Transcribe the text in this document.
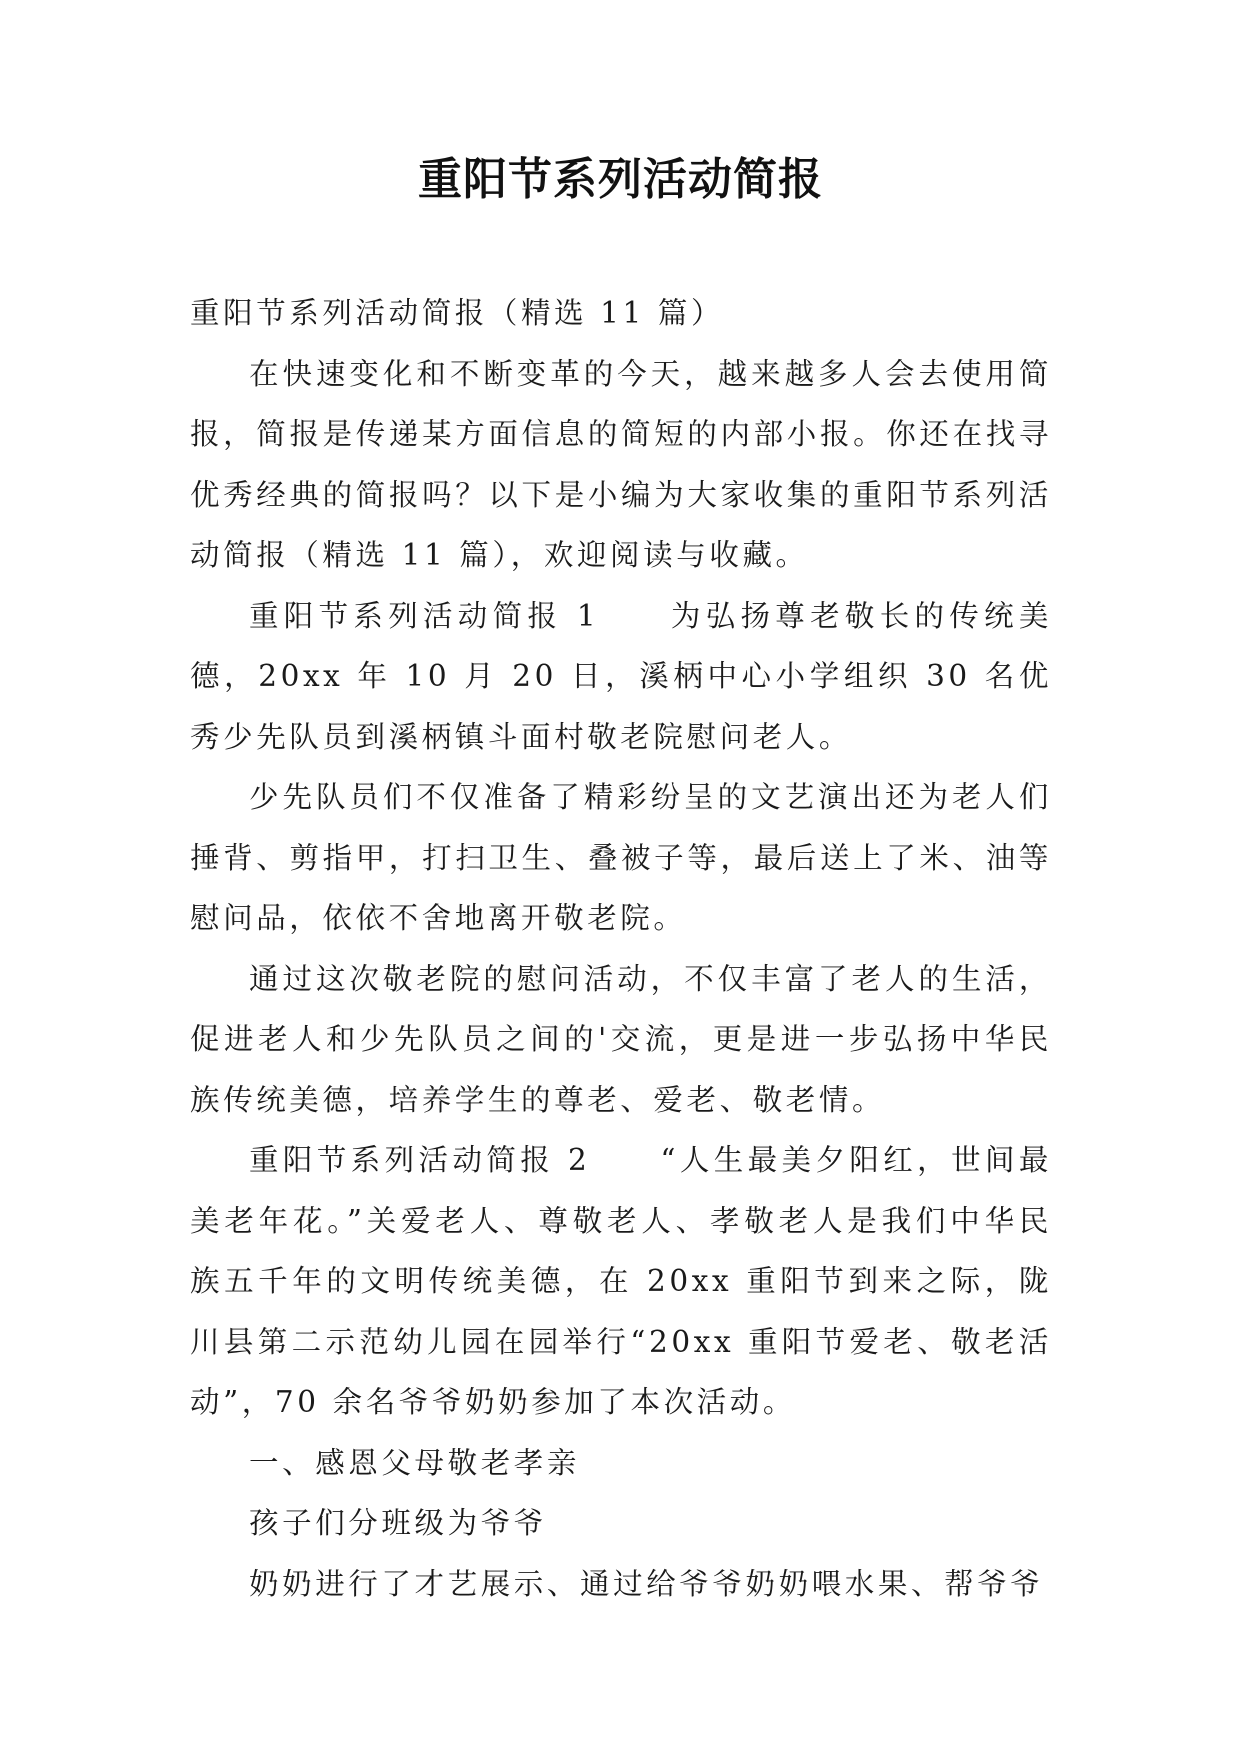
重阳节系列活动简报

重阳节系列活动简报（精选 11 篇）

在快速变化和不断变革的今天，越来越多人会去使用简报，简报是传递某方面信息的简短的内部小报。你还在找寻优秀经典的简报吗？以下是小编为大家收集的重阳节系列活动简报（精选 11 篇），欢迎阅读与收藏。

重阳节系列活动简报 1 为弘扬尊老敬长的传统美德，20xx 年 10 月 20 日，溪柄中心小学组织 30 名优秀少先队员到溪柄镇斗面村敬老院慰问老人。

少先队员们不仅准备了精彩纷呈的文艺演出还为老人们捶背、剪指甲，打扫卫生、叠被子等，最后送上了米、油等慰问品，依依不舍地离开敬老院。

通过这次敬老院的慰问活动，不仅丰富了老人的生活，促进老人和少先队员之间的'交流，更是进一步弘扬中华民族传统美德，培养学生的尊老、爱老、敬老情。

重阳节系列活动简报 2 “人生最美夕阳红，世间最美老年花。”关爱老人、尊敬老人、孝敬老人是我们中华民族五千年的文明传统美德，在 20xx 重阳节到来之际，陇川县第二示范幼儿园在园举行“20xx 重阳节爱老、敬老活动”，70 余名爷爷奶奶参加了本次活动。

一、感恩父母敬老孝亲

孩子们分班级为爷爷

奶奶进行了才艺展示、通过给爷爷奶奶喂水果、帮爷爷
